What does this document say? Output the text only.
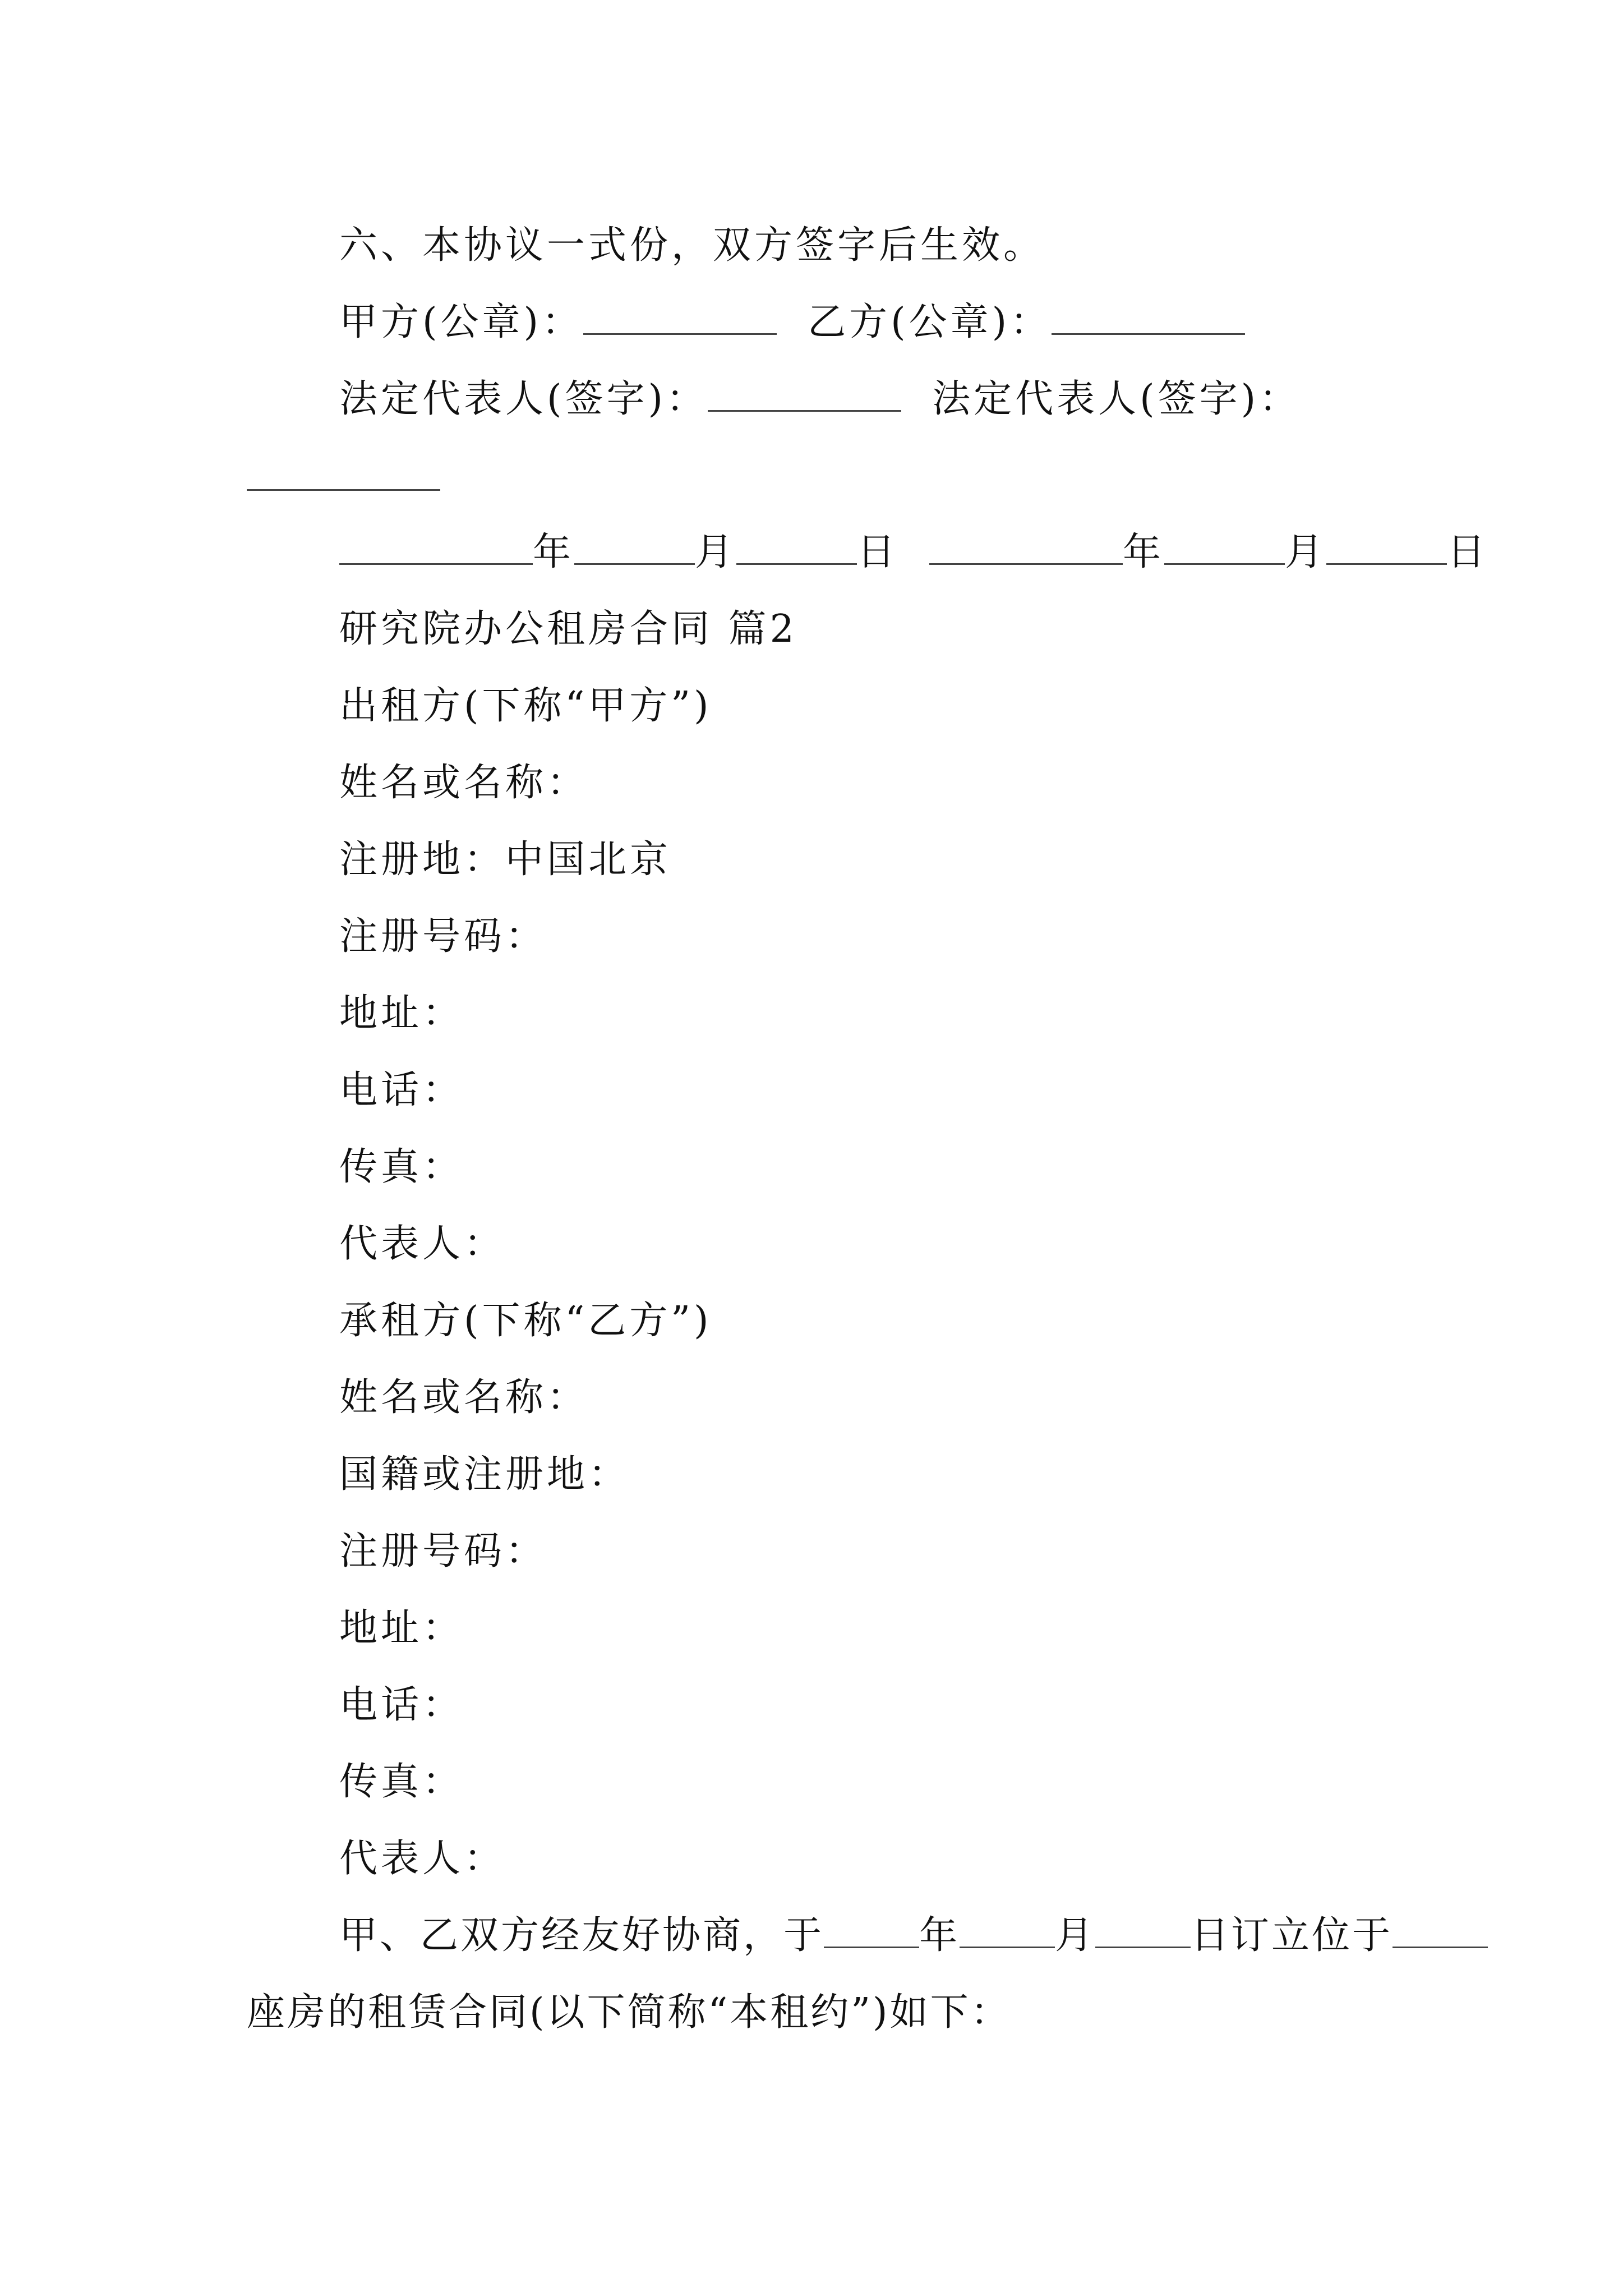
六、本协议一式份，双方签字后生效。
甲方(公章)：	乙方(公章)：
法定代表人(签字)：	法定代表人(签字)：
年	月	日	年	月	日
研究院办公租房合同 篇2
出租方(下称“甲方”)
姓名或名称：
注册地：中国北京
注册号码：
地址：
电话：
传真：
代表人：
承租方(下称“乙方”)
姓名或名称：
国籍或注册地：
注册号码：
地址：
电话：
传真：
代表人：
甲、乙双方经友好协商，于	年	月	日订立位于
座房的租赁合同(以下简称“本租约”)如下：
